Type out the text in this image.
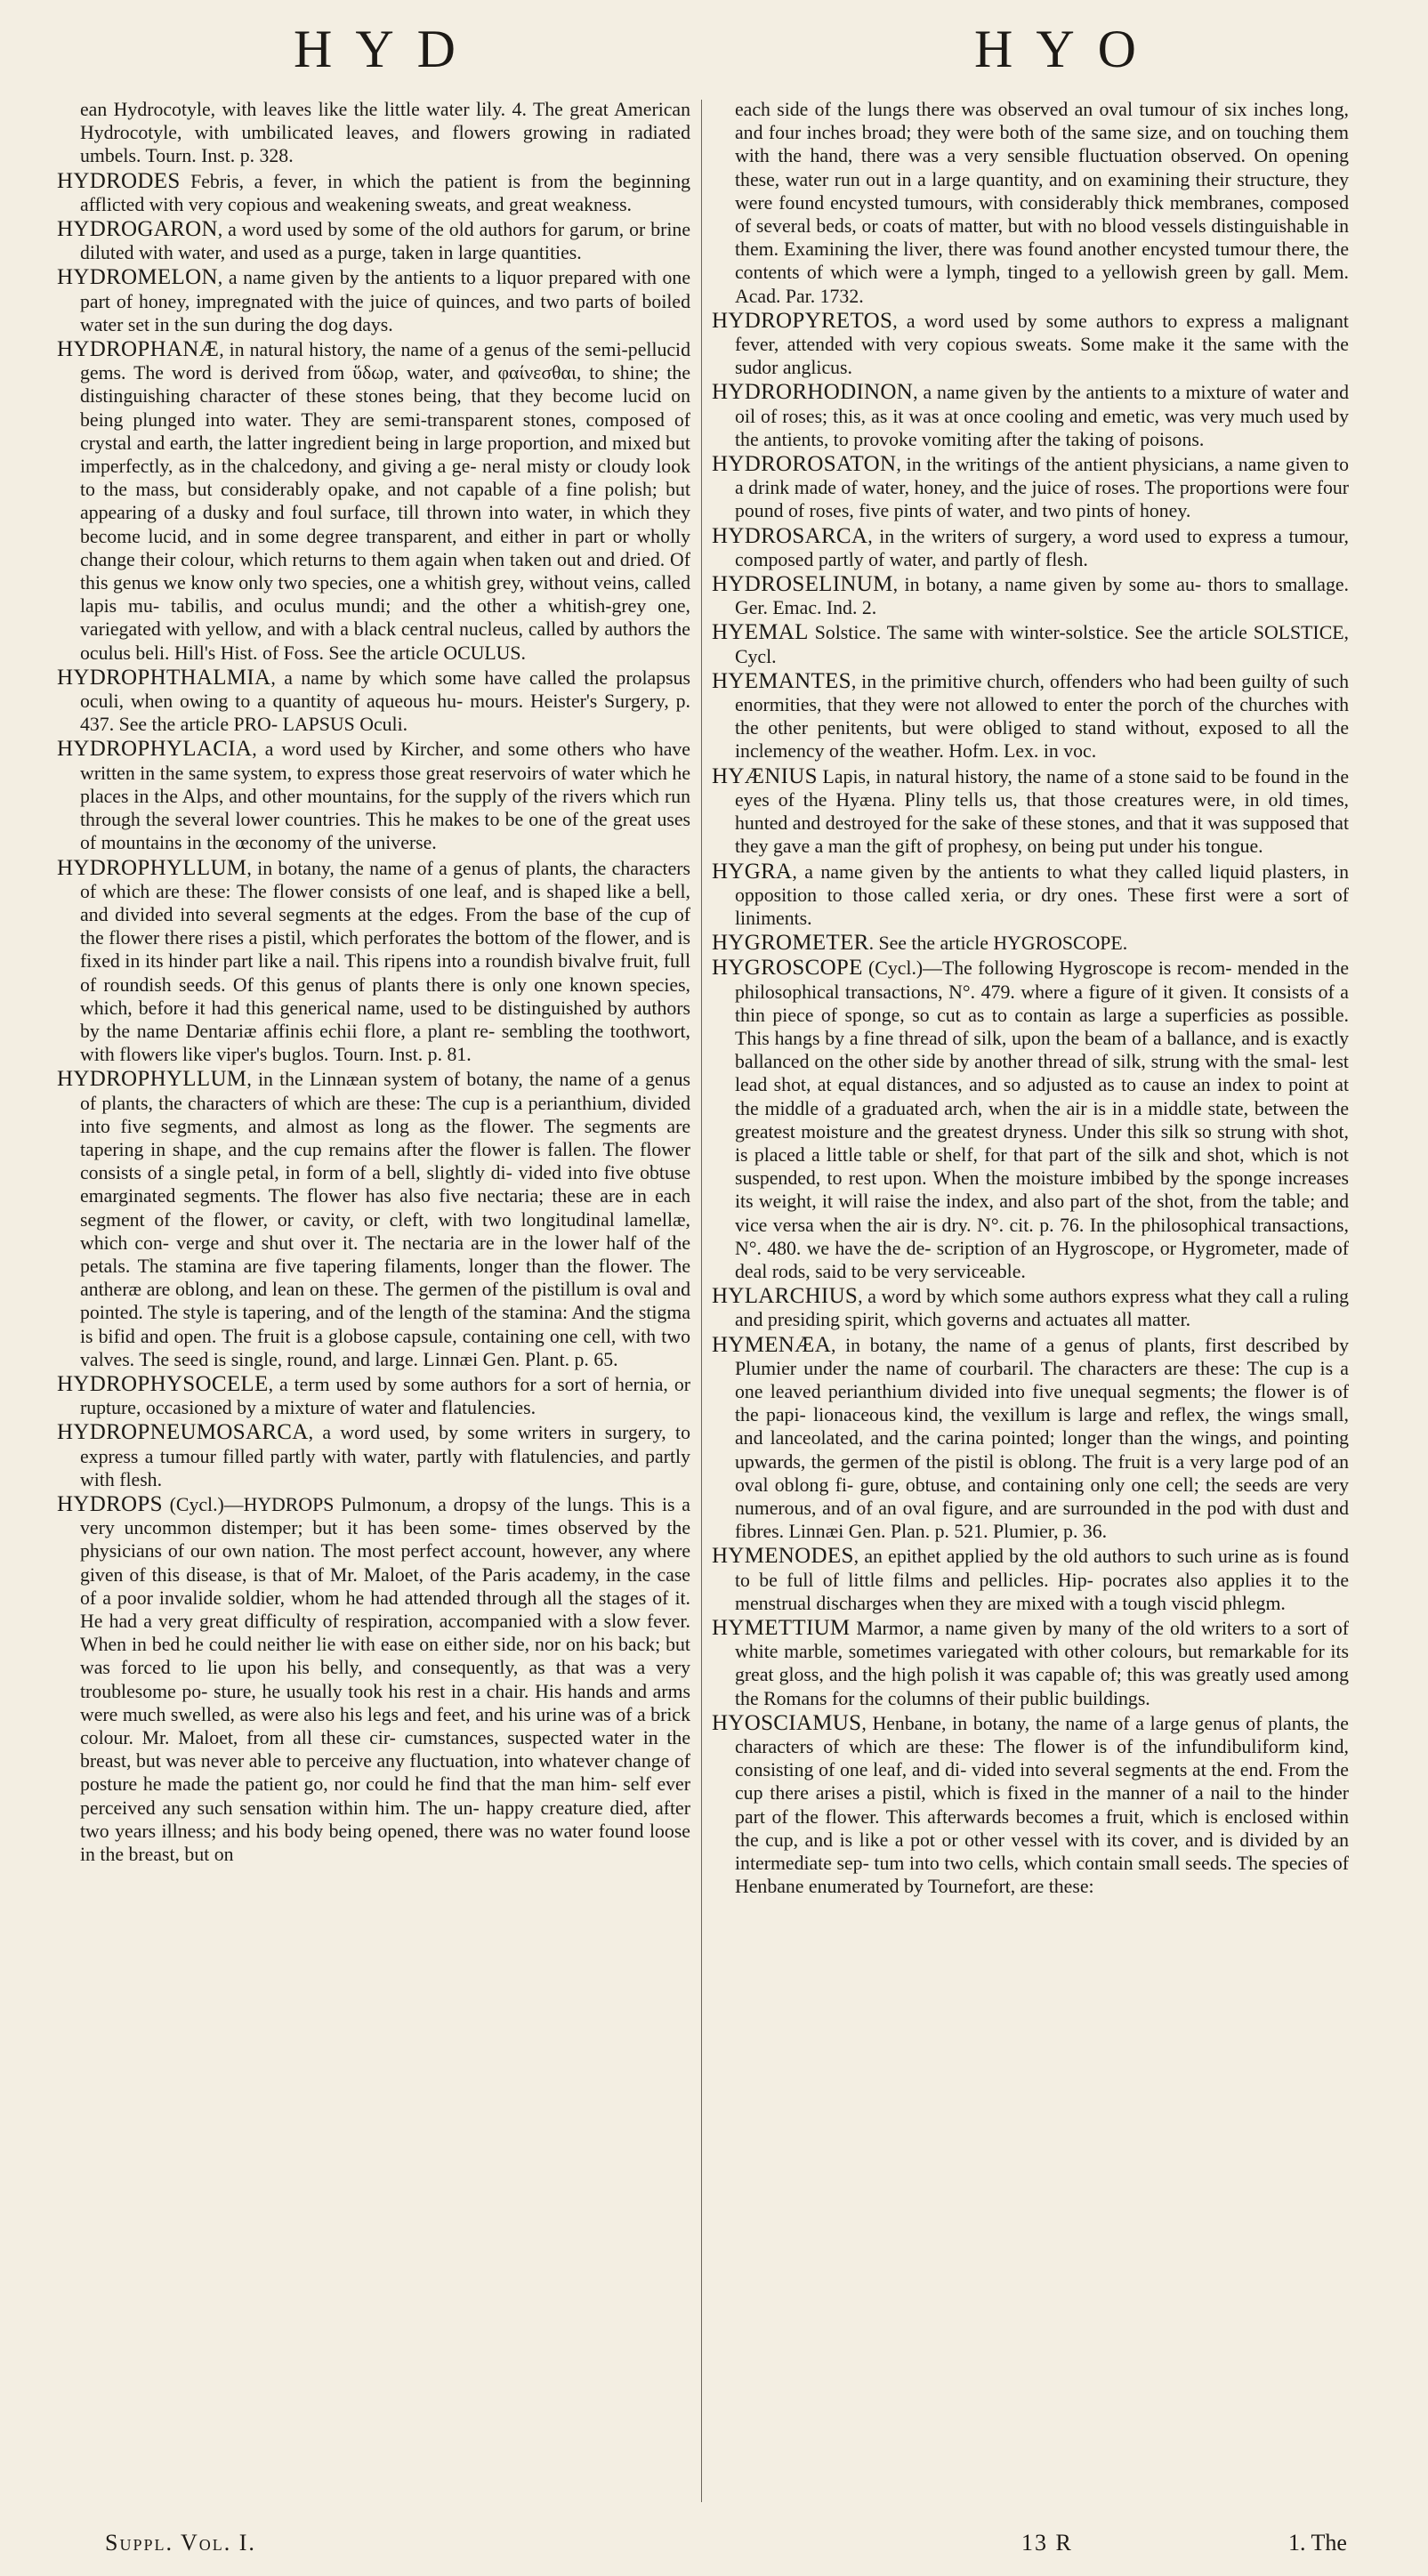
HYD	HYO
ean Hydrocotyle, with leaves like the little water lily. 4. The great American Hydrocotyle, with umbilicated leaves, and flowers growing in radiated umbels. Tourn. Inst. p. 328.
HYDRODES Febris, a fever, in which the patient is from the beginning afflicted with very copious and weakening sweats, and great weakness.
HYDROGARON, a word used by some of the old authors for garum, or brine diluted with water, and used as a purge, taken in large quantities.
HYDROMELON, a name given by the antients to a liquor prepared with one part of honey, impregnated with the juice of quinces, and two parts of boiled water set in the sun during the dog days.
HYDROPHANÆ, in natural history, the name of a genus of the semi-pellucid gems. The word is derived from ὕδωρ, water, and φαίνεσθαι, to shine; the distinguishing character of these stones being, that they become lucid on being plunged into water. They are semi-transparent stones, composed of crystal and earth, the latter ingredient being in large proportion, and mixed but imperfectly, as in the chalcedony, and giving a ge- neral misty or cloudy look to the mass, but considerably opake, and not capable of a fine polish; but appearing of a dusky and foul surface, till thrown into water, in which they become lucid, and in some degree transparent, and either in part or wholly change their colour, which returns to them again when taken out and dried. Of this genus we know only two species, one a whitish grey, without veins, called lapis mu- tabilis, and oculus mundi; and the other a whitish-grey one, variegated with yellow, and with a black central nucleus, called by authors the oculus beli. Hill's Hist. of Foss. See the article OCULUS.
HYDROPHTHALMIA, a name by which some have called the prolapsus oculi, when owing to a quantity of aqueous hu- mours. Heister's Surgery, p. 437. See the article PRO- LAPSUS Oculi.
HYDROPHYLACIA, a word used by Kircher, and some others who have written in the same system, to express those great reservoirs of water which he places in the Alps, and other mountains, for the supply of the rivers which run through the several lower countries. This he makes to be one of the great uses of mountains in the œconomy of the universe.
HYDROPHYLLUM, in botany, the name of a genus of plants, the characters of which are these: The flower consists of one leaf, and is shaped like a bell, and divided into several segments at the edges. From the base of the cup of the flower there rises a pistil, which perforates the bottom of the flower, and is fixed in its hinder part like a nail. This ripens into a roundish bivalve fruit, full of roundish seeds. Of this genus of plants there is only one known species, which, before it had this generical name, used to be distinguished by authors by the name Dentariæ affinis echii flore, a plant re- sembling the toothwort, with flowers like viper's buglos. Tourn. Inst. p. 81.
HYDROPHYLLUM, in the Linnæan system of botany, the name of a genus of plants, the characters of which are these: The cup is a perianthium, divided into five segments, and almost as long as the flower. The segments are tapering in shape, and the cup remains after the flower is fallen. The flower consists of a single petal, in form of a bell, slightly di- vided into five obtuse emarginated segments. The flower has also five nectaria; these are in each segment of the flower, or cavity, or cleft, with two longitudinal lamellæ, which con- verge and shut over it. The nectaria are in the lower half of the petals. The stamina are five tapering filaments, longer than the flower. The antheræ are oblong, and lean on these. The germen of the pistillum is oval and pointed. The style is tapering, and of the length of the stamina: And the stigma is bifid and open. The fruit is a globose capsule, containing one cell, with two valves. The seed is single, round, and large. Linnæi Gen. Plant. p. 65.
HYDROPHYSOCELE, a term used by some authors for a sort of hernia, or rupture, occasioned by a mixture of water and flatulencies.
HYDROPNEUMOSARCA, a word used, by some writers in surgery, to express a tumour filled partly with water, partly with flatulencies, and partly with flesh.
HYDROPS (Cycl.)—HYDROPS Pulmonum, a dropsy of the lungs. This is a very uncommon distemper; but it has been some- times observed by the physicians of our own nation. The most perfect account, however, any where given of this disease, is that of Mr. Maloet, of the Paris academy, in the case of a poor invalide soldier, whom he had attended through all the stages of it. He had a very great difficulty of respiration, accompanied with a slow fever. When in bed he could neither lie with ease on either side, nor on his back; but was forced to lie upon his belly, and consequently, as that was a very troublesome po- sture, he usually took his rest in a chair. His hands and arms were much swelled, as were also his legs and feet, and his urine was of a brick colour. Mr. Maloet, from all these cir- cumstances, suspected water in the breast, but was never able to perceive any fluctuation, into whatever change of posture he made the patient go, nor could he find that the man him- self ever perceived any such sensation within him. The un- happy creature died, after two years illness; and his body being opened, there was no water found loose in the breast, but on
each side of the lungs there was observed an oval tumour of six inches long, and four inches broad; they were both of the same size, and on touching them with the hand, there was a very sensible fluctuation observed. On opening these, water run out in a large quantity, and on examining their structure, they were found encysted tumours, with considerably thick membranes, composed of several beds, or coats of matter, but with no blood vessels distinguishable in them. Examining the liver, there was found another encysted tumour there, the contents of which were a lymph, tinged to a yellowish green by gall. Mem. Acad. Par. 1732.
HYDROPYRETOS, a word used by some authors to express a malignant fever, attended with very copious sweats. Some make it the same with the sudor anglicus.
HYDRORHODINON, a name given by the antients to a mixture of water and oil of roses; this, as it was at once cooling and emetic, was very much used by the antients, to provoke vomiting after the taking of poisons.
HYDROROSATON, in the writings of the antient physicians, a name given to a drink made of water, honey, and the juice of roses. The proportions were four pound of roses, five pints of water, and two pints of honey.
HYDROSARCA, in the writers of surgery, a word used to express a tumour, composed partly of water, and partly of flesh.
HYDROSELINUM, in botany, a name given by some au- thors to smallage. Ger. Emac. Ind. 2.
HYEMAL Solstice. The same with winter-solstice. See the article SOLSTICE, Cycl.
HYEMANTES, in the primitive church, offenders who had been guilty of such enormities, that they were not allowed to enter the porch of the churches with the other penitents, but were obliged to stand without, exposed to all the inclemency of the weather. Hofm. Lex. in voc.
HYÆNIUS Lapis, in natural history, the name of a stone said to be found in the eyes of the Hyæna. Pliny tells us, that those creatures were, in old times, hunted and destroyed for the sake of these stones, and that it was supposed that they gave a man the gift of prophesy, on being put under his tongue.
HYGRA, a name given by the antients to what they called liquid plasters, in opposition to those called xeria, or dry ones. These first were a sort of liniments.
HYGROMETER. See the article HYGROSCOPE.
HYGROSCOPE (Cycl.)—The following Hygroscope is recom- mended in the philosophical transactions, N°. 479. where a figure of it given. It consists of a thin piece of sponge, so cut as to contain as large a superficies as possible. This hangs by a fine thread of silk, upon the beam of a ballance, and is exactly ballanced on the other side by another thread of silk, strung with the smal- lest lead shot, at equal distances, and so adjusted as to cause an index to point at the middle of a graduated arch, when the air is in a middle state, between the greatest moisture and the greatest dryness. Under this silk so strung with shot, is placed a little table or shelf, for that part of the silk and shot, which is not suspended, to rest upon. When the moisture imbibed by the sponge increases its weight, it will raise the index, and also part of the shot, from the table; and vice versa when the air is dry. N°. cit. p. 76. In the philosophical transactions, N°. 480. we have the de- scription of an Hygroscope, or Hygrometer, made of deal rods, said to be very serviceable.
HYLARCHIUS, a word by which some authors express what they call a ruling and presiding spirit, which governs and actuates all matter.
HYMENÆA, in botany, the name of a genus of plants, first described by Plumier under the name of courbaril. The characters are these: The cup is a one leaved perianthium divided into five unequal segments; the flower is of the papi- lionaceous kind, the vexillum is large and reflex, the wings small, and lanceolated, and the carina pointed; longer than the wings, and pointing upwards, the germen of the pistil is oblong. The fruit is a very large pod of an oval oblong fi- gure, obtuse, and containing only one cell; the seeds are very numerous, and of an oval figure, and are surrounded in the pod with dust and fibres. Linnæi Gen. Plan. p. 521. Plumier, p. 36.
HYMENODES, an epithet applied by the old authors to such urine as is found to be full of little films and pellicles. Hip- pocrates also applies it to the menstrual discharges when they are mixed with a tough viscid phlegm.
HYMETTIUM Marmor, a name given by many of the old writers to a sort of white marble, sometimes variegated with other colours, but remarkable for its great gloss, and the high polish it was capable of; this was greatly used among the Romans for the columns of their public buildings.
HYOSCIAMUS, Henbane, in botany, the name of a large genus of plants, the characters of which are these: The flower is of the infundibuliform kind, consisting of one leaf, and di- vided into several segments at the end. From the cup there arises a pistil, which is fixed in the manner of a nail to the hinder part of the flower. This afterwards becomes a fruit, which is enclosed within the cup, and is like a pot or other vessel with its cover, and is divided by an intermediate sep- tum into two cells, which contain small seeds. The species of Henbane enumerated by Tournefort, are these:
Suppl. Vol. I.	13 R	1. The
